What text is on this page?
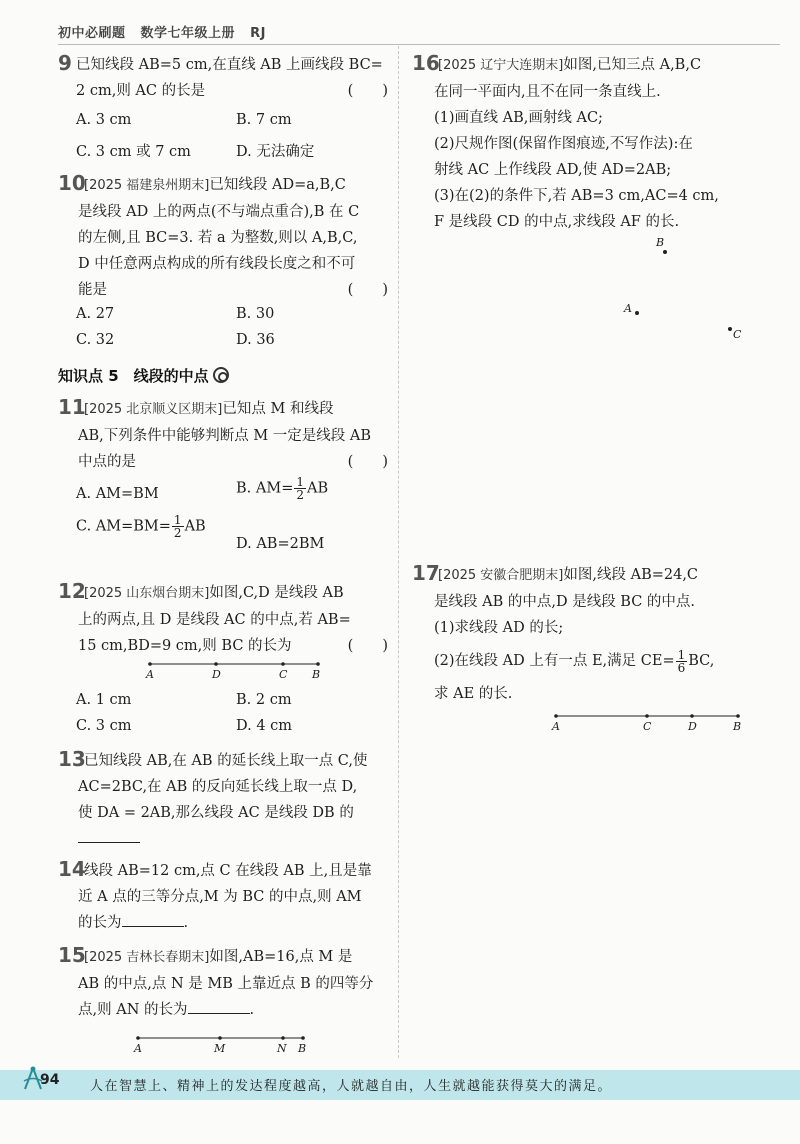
初中必刷题 数学七年级上册 RJ
9 已知线段 AB=5 cm,在直线 AB 上画线段 BC=
2 cm,则 AC 的长是	(　　)
A. 3 cm	B. 7 cm
C. 3 cm 或 7 cm	D. 无法确定
10
[2025 福建泉州期末]已知线段 AD=a,B,C
是线段 AD 上的两点(不与端点重合),B 在 C
的左侧,且 BC=3. 若 a 为整数,则以 A,B,C,
D 中任意两点构成的所有线段长度之和不可
能是	(　　)
A. 27	B. 30
C. 32	D. 36
知识点 5　线段的中点
11
[2025 北京顺义区期末]已知点 M 和线段
AB,下列条件中能够判断点 M 一定是线段 AB
中点的是	(　　)
A. AM=BM	B. $AM= \frac{1}{2}$ AB
C. $AM=BM= \frac{1}{2}$ AB
D. AB=2BM
12
[2025 山东烟台期末]如图,C,D 是线段 AB
上的两点,且 D 是线段 AC 的中点,若 AB=
15 cm,BD=9 cm,则 BC 的长为	(　　)
A	D	C B
A. 1 cm	B. 2 cm
C. 3 cm	D. 4 cm
13
已知线段 AB,在 AB 的延长线上取一点 C,使
AC=2BC,在 AB 的反向延长线上取一点 D,
使 DA = 2AB,那么线段 AC 是线段 DB 的
14
线段 AB=12 cm,点 C 在线段 AB 上,且是靠
近 A 点的三等分点,M 为 BC 的中点,则 AM
的长为	.
15
[2025 吉林长春期末]如图,AB=16,点 M 是
AB 的中点,点 N 是 MB 上靠近点 B 的四等分
点,则 AN 的长为	.
A	M	N B
16
[2025 辽宁大连期末]如图,已知三点 A,B,C
在同一平面内,且不在同一条直线上.
(1)画直线 AB,画射线 AC;
(2)尺规作图(保留作图痕迹,不写作法):在
射线 AC 上作线段 AD,使 AD=2AB;
(3)在(2)的条件下,若 AB=3 cm,AC=4 cm,
F 是线段 CD 的中点,求线段 AF 的长.
B
A
C
17
[2025 安徽合肥期末]如图,线段 AB=24,C
是线段 AB 的中点,D 是线段 BC 的中点.
(1)求线段 AD 的长;
(2)在线段 AD 上有一点 E,满足 $CE= \frac{1}{6}$ BC,
求 AE 的长.
A	C	D	B
94 人在智慧上、精神上的发达程度越高，人就越自由，人生就越能获得莫大的满足。
